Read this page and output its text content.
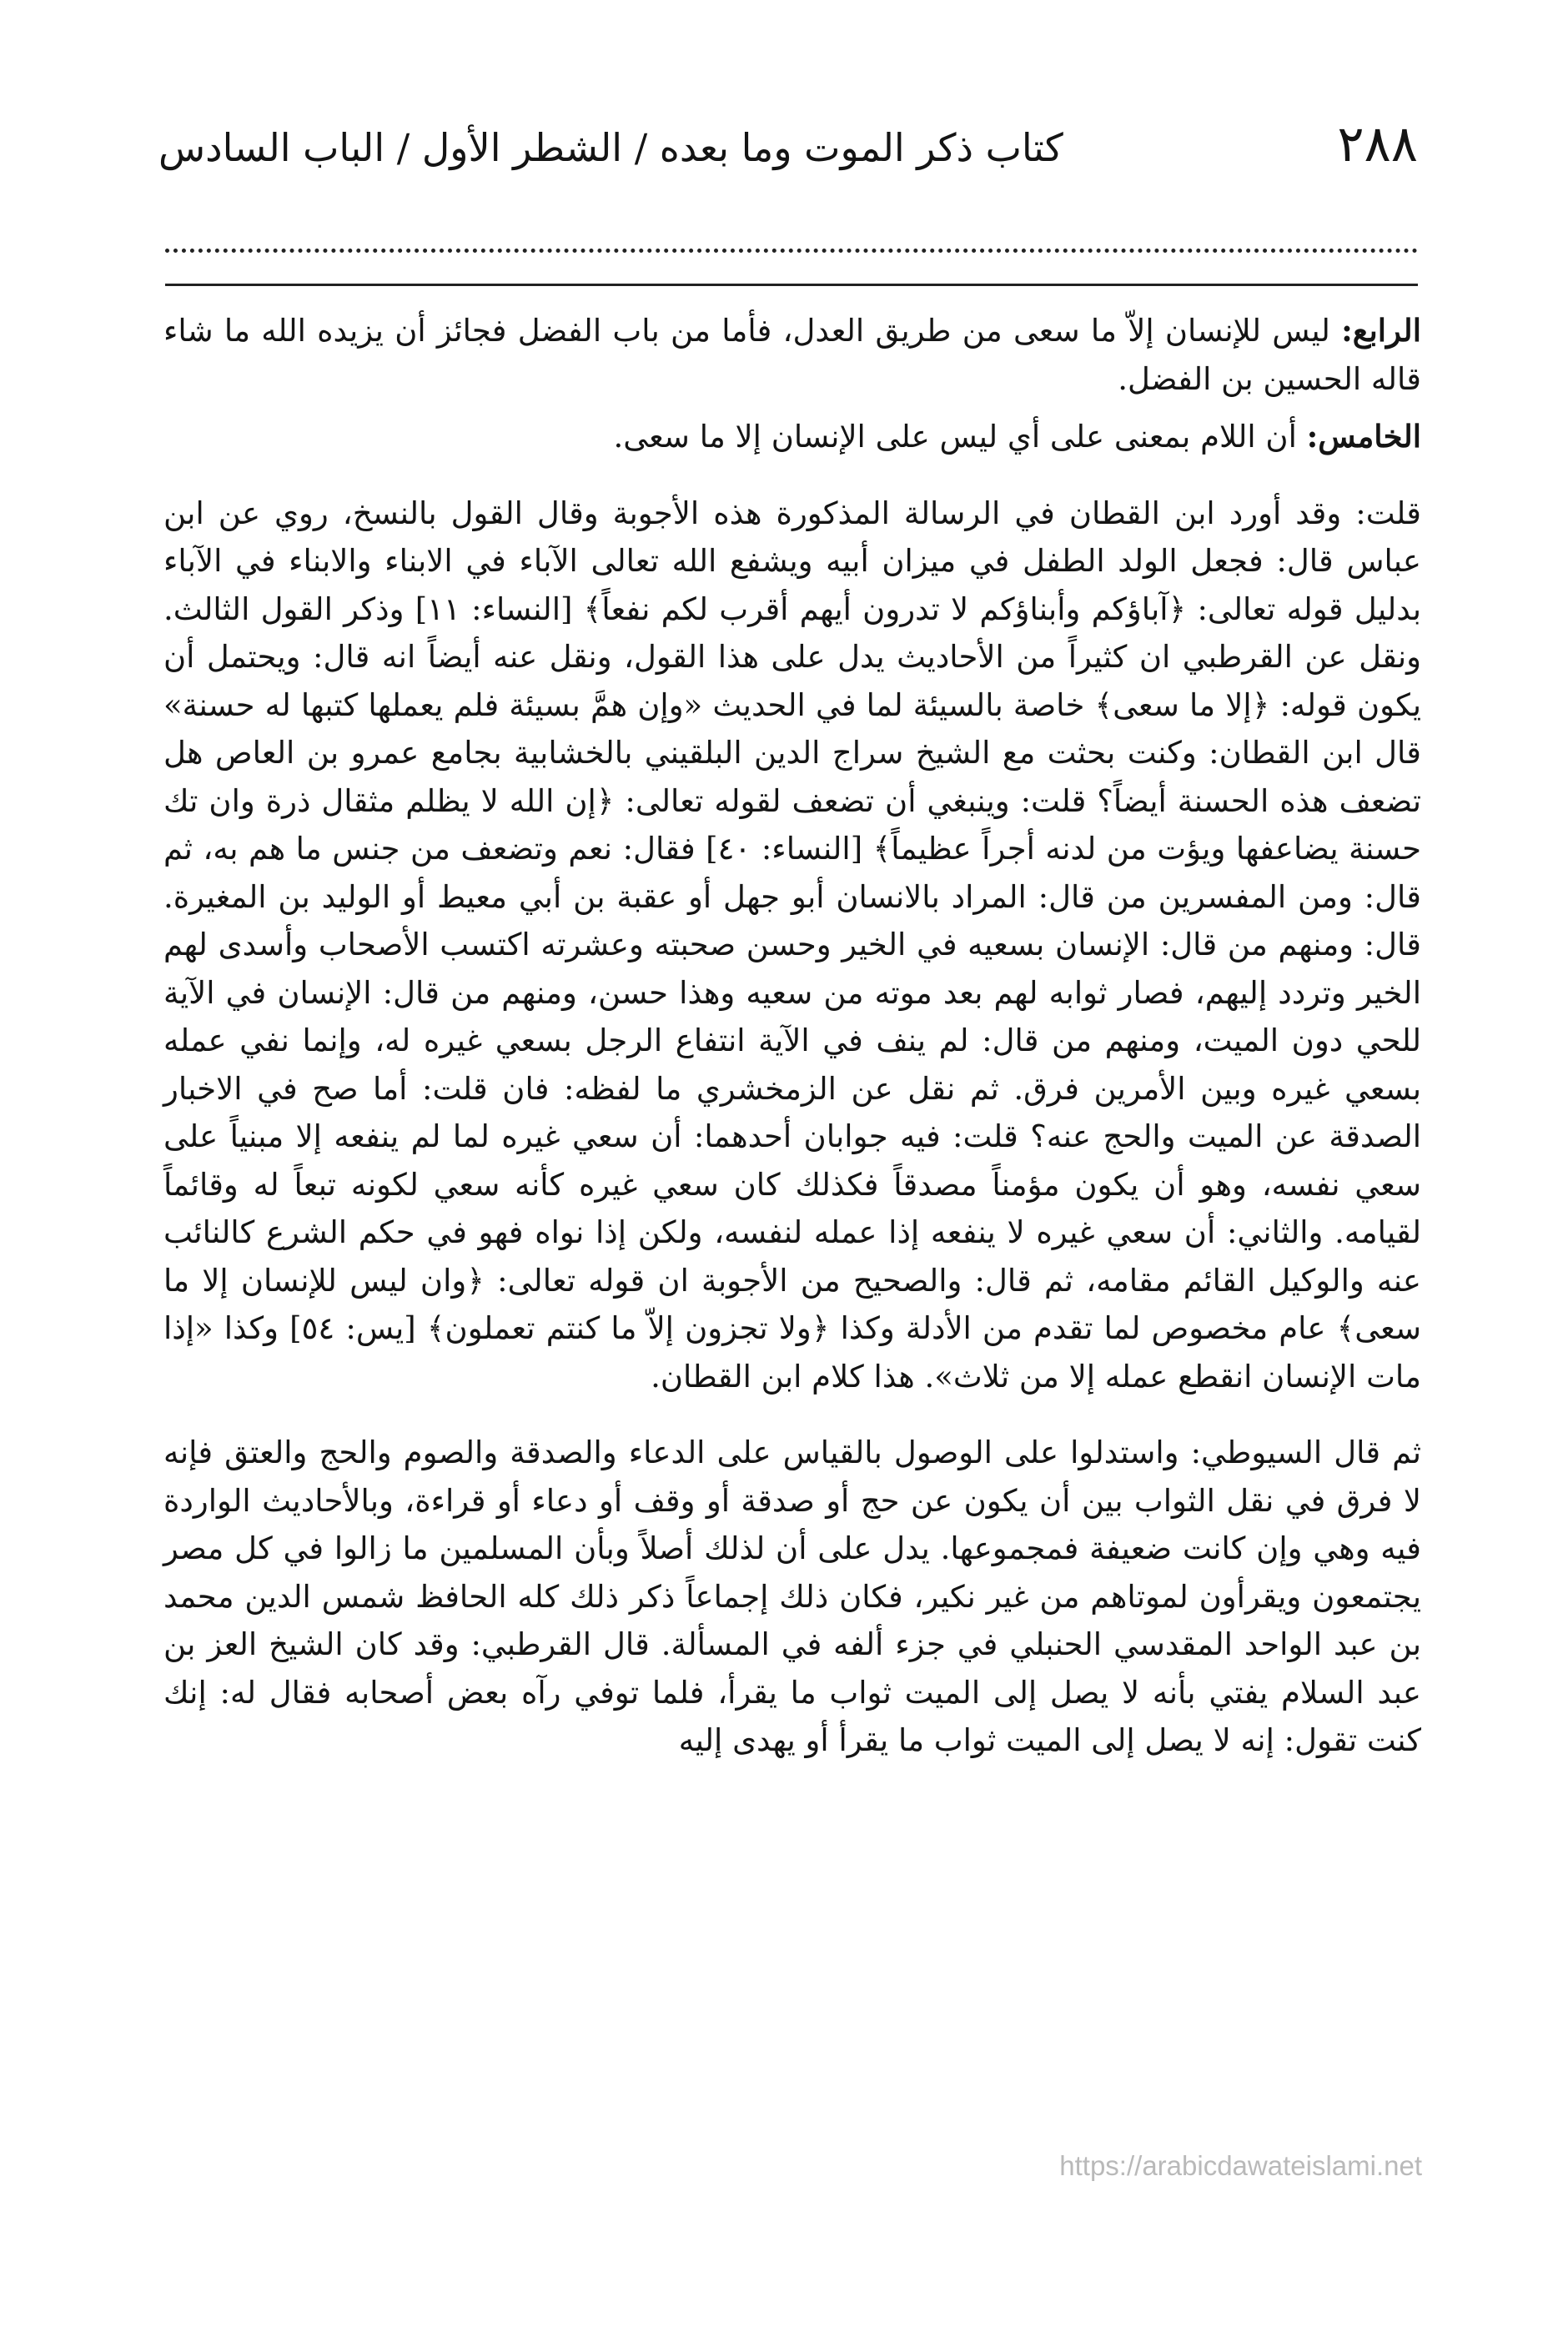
٢٨٨
كتاب ذكر الموت وما بعده / الشطر الأول / الباب السادس

الرابع: ليس للإنسان إلاّ ما سعى من طريق العدل، فأما من باب الفضل فجائز أن يزيده الله ما شاء قاله الحسين بن الفضل.

الخامس: أن اللام بمعنى على أي ليس على الإنسان إلا ما سعى.

قلت: وقد أورد ابن القطان في الرسالة المذكورة هذه الأجوبة وقال القول بالنسخ، روي عن ابن عباس قال: فجعل الولد الطفل في ميزان أبيه ويشفع الله تعالى الآباء في الابناء والابناء في الآباء بدليل قوله تعالى: ﴿آباؤكم وأبناؤكم لا تدرون أيهم أقرب لكم نفعاً﴾ [النساء: ١١] وذكر القول الثالث. ونقل عن القرطبي ان كثيراً من الأحاديث يدل على هذا القول، ونقل عنه أيضاً انه قال: ويحتمل أن يكون قوله: ﴿إلا ما سعى﴾ خاصة بالسيئة لما في الحديث «وإن همَّ بسيئة فلم يعملها كتبها له حسنة» قال ابن القطان: وكنت بحثت مع الشيخ سراج الدين البلقيني بالخشابية بجامع عمرو بن العاص هل تضعف هذه الحسنة أيضاً؟ قلت: وينبغي أن تضعف لقوله تعالى: ﴿إن الله لا يظلم مثقال ذرة وان تك حسنة يضاعفها ويؤت من لدنه أجراً عظيماً﴾ [النساء: ٤٠] فقال: نعم وتضعف من جنس ما هم به، ثم قال: ومن المفسرين من قال: المراد بالانسان أبو جهل أو عقبة بن أبي معيط أو الوليد بن المغيرة. قال: ومنهم من قال: الإنسان بسعيه في الخير وحسن صحبته وعشرته اكتسب الأصحاب وأسدى لهم الخير وتردد إليهم، فصار ثوابه لهم بعد موته من سعيه وهذا حسن، ومنهم من قال: الإنسان في الآية للحي دون الميت، ومنهم من قال: لم ينف في الآية انتفاع الرجل بسعي غيره له، وإنما نفي عمله بسعي غيره وبين الأمرين فرق. ثم نقل عن الزمخشري ما لفظه: فان قلت: أما صح في الاخبار الصدقة عن الميت والحج عنه؟ قلت: فيه جوابان أحدهما: أن سعي غيره لما لم ينفعه إلا مبنياً على سعي نفسه، وهو أن يكون مؤمناً مصدقاً فكذلك كان سعي غيره كأنه سعي لكونه تبعاً له وقائماً لقيامه. والثاني: أن سعي غيره لا ينفعه إذا عمله لنفسه، ولكن إذا نواه فهو في حكم الشرع كالنائب عنه والوكيل القائم مقامه، ثم قال: والصحيح من الأجوبة ان قوله تعالى: ﴿وان ليس للإنسان إلا ما سعى﴾ عام مخصوص لما تقدم من الأدلة وكذا ﴿ولا تجزون إلاّ ما كنتم تعملون﴾ [يس: ٥٤] وكذا «إذا مات الإنسان انقطع عمله إلا من ثلاث». هذا كلام ابن القطان.

ثم قال السيوطي: واستدلوا على الوصول بالقياس على الدعاء والصدقة والصوم والحج والعتق فإنه لا فرق في نقل الثواب بين أن يكون عن حج أو صدقة أو وقف أو دعاء أو قراءة، وبالأحاديث الواردة فيه وهي وإن كانت ضعيفة فمجموعها. يدل على أن لذلك أصلاً وبأن المسلمين ما زالوا في كل مصر يجتمعون ويقرأون لموتاهم من غير نكير، فكان ذلك إجماعاً ذكر ذلك كله الحافظ شمس الدين محمد بن عبد الواحد المقدسي الحنبلي في جزء ألفه في المسألة. قال القرطبي: وقد كان الشيخ العز بن عبد السلام يفتي بأنه لا يصل إلى الميت ثواب ما يقرأ، فلما توفي رآه بعض أصحابه فقال له: إنك كنت تقول: إنه لا يصل إلى الميت ثواب ما يقرأ أو يهدى إليه

https://arabicdawateislami.net
